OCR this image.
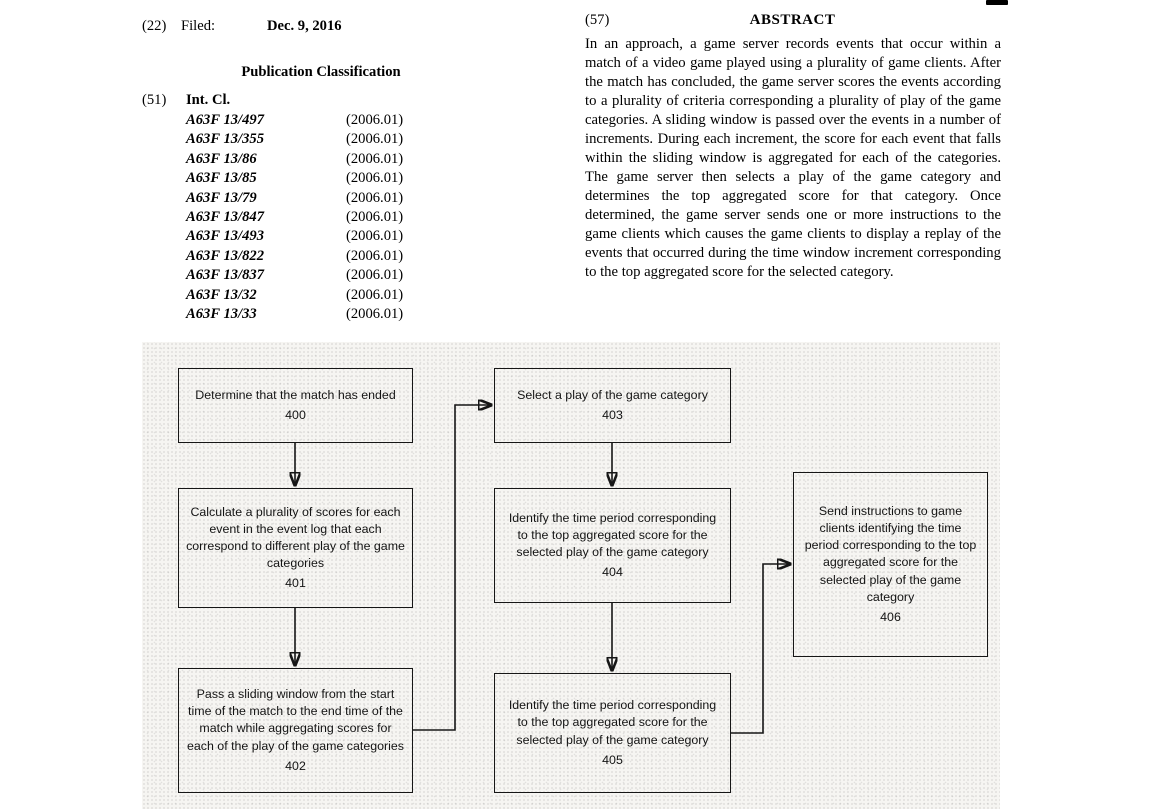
(22) Filed:	Dec. 9, 2016
Publication Classification
(51) Int. Cl.
A63F 13/497	(2006.01)
A63F 13/355	(2006.01)
A63F 13/86	(2006.01)
A63F 13/85	(2006.01)
A63F 13/79	(2006.01)
A63F 13/847	(2006.01)
A63F 13/493	(2006.01)
A63F 13/822	(2006.01)
A63F 13/837	(2006.01)
A63F 13/32	(2006.01)
A63F 13/33	(2006.01)
(57)	ABSTRACT
In an approach, a game server records events that occur within a match of a video game played using a plurality of game clients. After the match has concluded, the game server scores the events according to a plurality of criteria corresponding a plurality of play of the game categories. A sliding window is passed over the events in a number of increments. During each increment, the score for each event that falls within the sliding window is aggregated for each of the categories. The game server then selects a play of the game category and determines the top aggregated score for that category. Once determined, the game server sends one or more instructions to the game clients which causes the game clients to display a replay of the events that occurred during the time window increment corresponding to the top aggregated score for the selected category.
Determine that the match has ended
400
Calculate a plurality of scores for each event in the event log that each correspond to different play of the game categories
401
Pass a sliding window from the start time of the match to the end time of the match while aggregating scores for each of the play of the game categories
402
Select a play of the game category
403
Identify the time period corresponding to the top aggregated score for the selected play of the game category
404
Identify the time period corresponding to the top aggregated score for the selected play of the game category
405
Send instructions to game clients identifying the time period corresponding to the top aggregated score for the selected play of the game category
406
